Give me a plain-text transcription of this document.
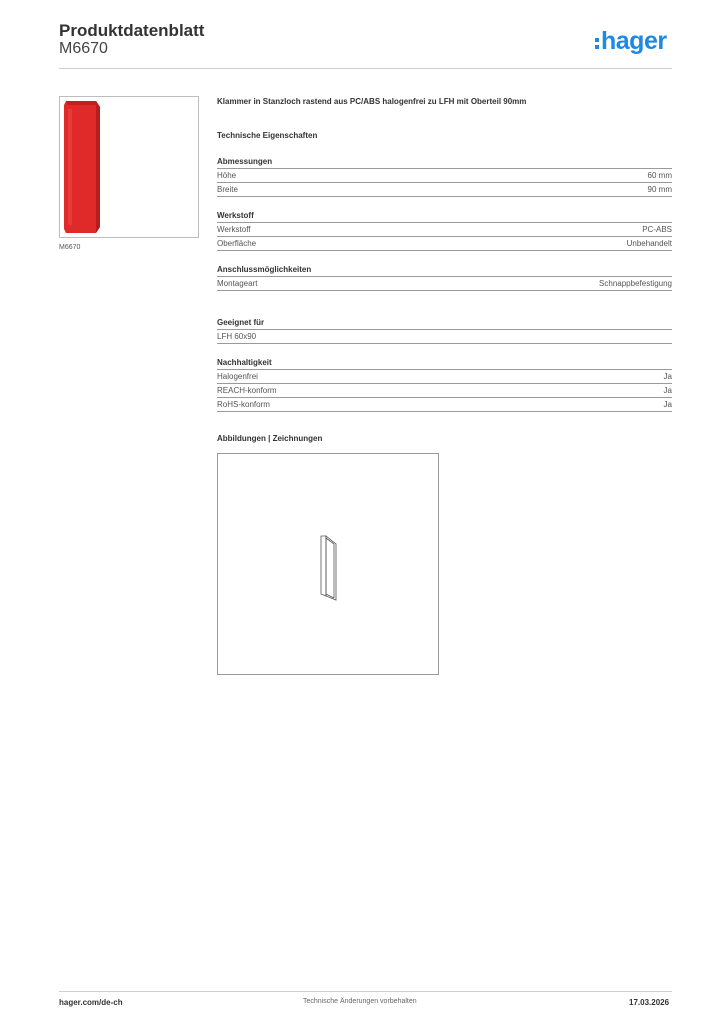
Produktdatenblatt
M6670	hager
M6670
Klammer in Stanzloch rastend aus PC/ABS halogenfrei zu LFH mit Oberteil 90mm
Technische Eigenschaften
Abmessungen
Höhe	60 mm
Breite	90 mm
Werkstoff
Werkstoff	PC-ABS
Oberfläche	Unbehandelt
Anschlussmöglichkeiten
Montageart	Schnappbefestigung
Geeignet für
LFH 60x90
Nachhaltigkeit
Halogenfrei	Ja
REACH-konform	Ja
RoHS-konform	Ja
Abbildungen | Zeichnungen
hager.com/de-ch	Technische Änderungen vorbehalten	17.03.2026
